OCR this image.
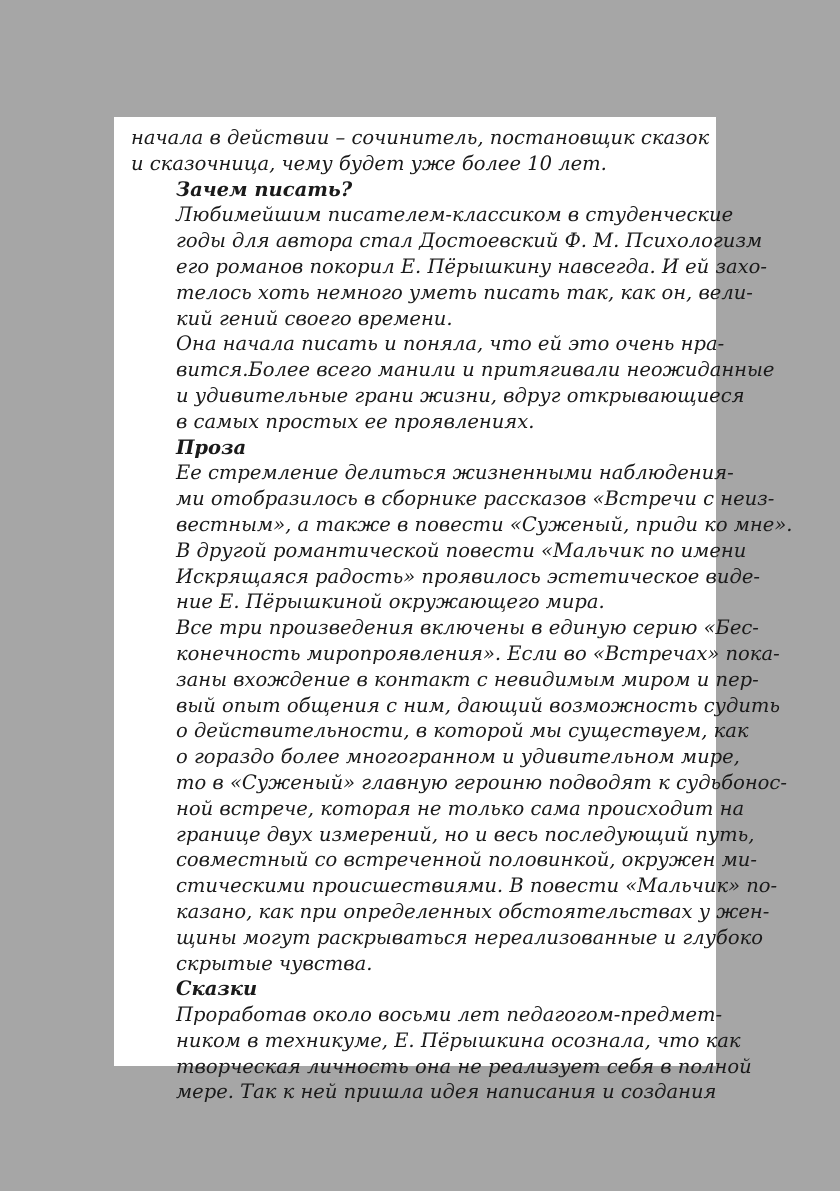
начала в действии – сочинитель, постановщик сказок
и сказочница, чему будет уже более 10 лет.

Зачем писать?

Любимейшим писателем-классиком в студенческие
годы для автора стал Достоевский Ф. М. Психологизм
его романов покорил Е. Пёрышкину навсегда. И ей захо-
телось хоть немного уметь писать так, как он, вели-
кий гений своего времени.

Она начала писать и поняла, что ей это очень нра-
вится.Более всего манили и притягивали неожиданные
и удивительные грани жизни, вдруг открывающиеся
в самых простых ее проявлениях.

Проза

Ее стремление делиться жизненными наблюдения-
ми отобразилось в сборнике рассказов «Встречи с неиз-
вестным», а также в повести «Суженый, приди ко мне».
В другой романтической повести «Мальчик по имени
Искрящаяся радость» проявилось эстетическое виде-
ние Е. Пёрышкиной окружающего мира.

Все три произведения включены в единую серию «Бес-
конечность миропроявления». Если во «Встречах» пока-
заны вхождение в контакт с невидимым миром и пер-
вый опыт общения с ним, дающий возможность судить
о действительности, в которой мы существуем, как
о гораздо более многогранном и удивительном мире,
то в «Суженый» главную героиню подводят к судьбонос-
ной встрече, которая не только сама происходит на
границе двух измерений, но и весь последующий путь,
совместный со встреченной половинкой, окружен ми-
стическими происшествиями. В повести «Мальчик» по-
казано, как при определенных обстоятельствах у жен-
щины могут раскрываться нереализованные и глубоко
скрытые чувства.

Сказки

Проработав около восьми лет педагогом-предмет-
ником в техникуме, Е. Пёрышкина осознала, что как
творческая личность она не реализует себя в полной
мере. Так к ней пришла идея написания и создания
